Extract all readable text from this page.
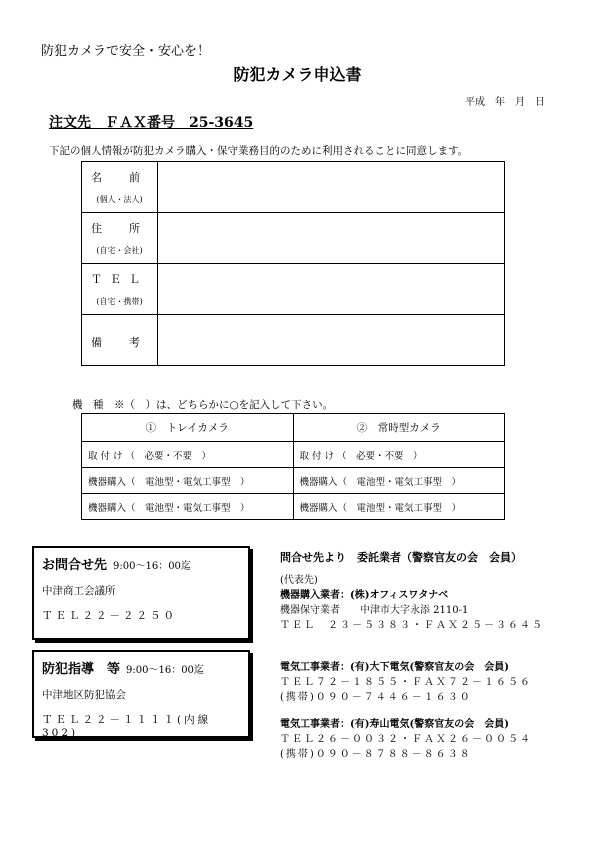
防犯カメラで安全・安心を！
防犯カメラ申込書
平成　年　月　日
注文先　ＦＡＸ番号　25-3645
下記の個人情報が防犯カメラ購入・保守業務目的のために利用されることに同意します。
名　前
(個人・法人)	

住　所
(自宅・会社)	

ＴＥＬ
(自宅・携帯)	

備　考	
機　種　※（　）は、どちらかに○を記入して下さい。
①　トレイカメラ	②　常時型カメラ
取 付 け （　必要・不要　）	取 付 け （　必要・不要　）
機器購入（　電池型・電気工事型　）	機器購入（　電池型・電気工事型　）
機器購入（　電池型・電気工事型　）	機器購入（　電池型・電気工事型　）
お問合せ先 9:00～16：00迄
中津商工会議所
ＴＥＬ２２－２２５０
防犯指導　等 9:00～16：00迄
中津地区防犯協会
ＴＥＬ２２－１１１１(内線 302)
問合せ先より　委託業者（警察官友の会　会員）
(代表先)
機器購入業者：(株)オフィスワタナベ
機器保守業者　　中津市大字永添 2110-1
ＴＥＬ　２３－５３８３・ＦＡＸ２５－３６４５
電気工事業者：(有)大下電気(警察官友の会　会員)
ＴＥＬ７２－１８５５・ＦＡＸ７２－１６５６
(携帯)０９０－７４４６－１６３０
電気工事業者：(有)寿山電気(警察官友の会　会員)
ＴＥＬ２６－００３２・ＦＡＸ２６－００５４
(携帯)０９０－８７８８－８６３８
